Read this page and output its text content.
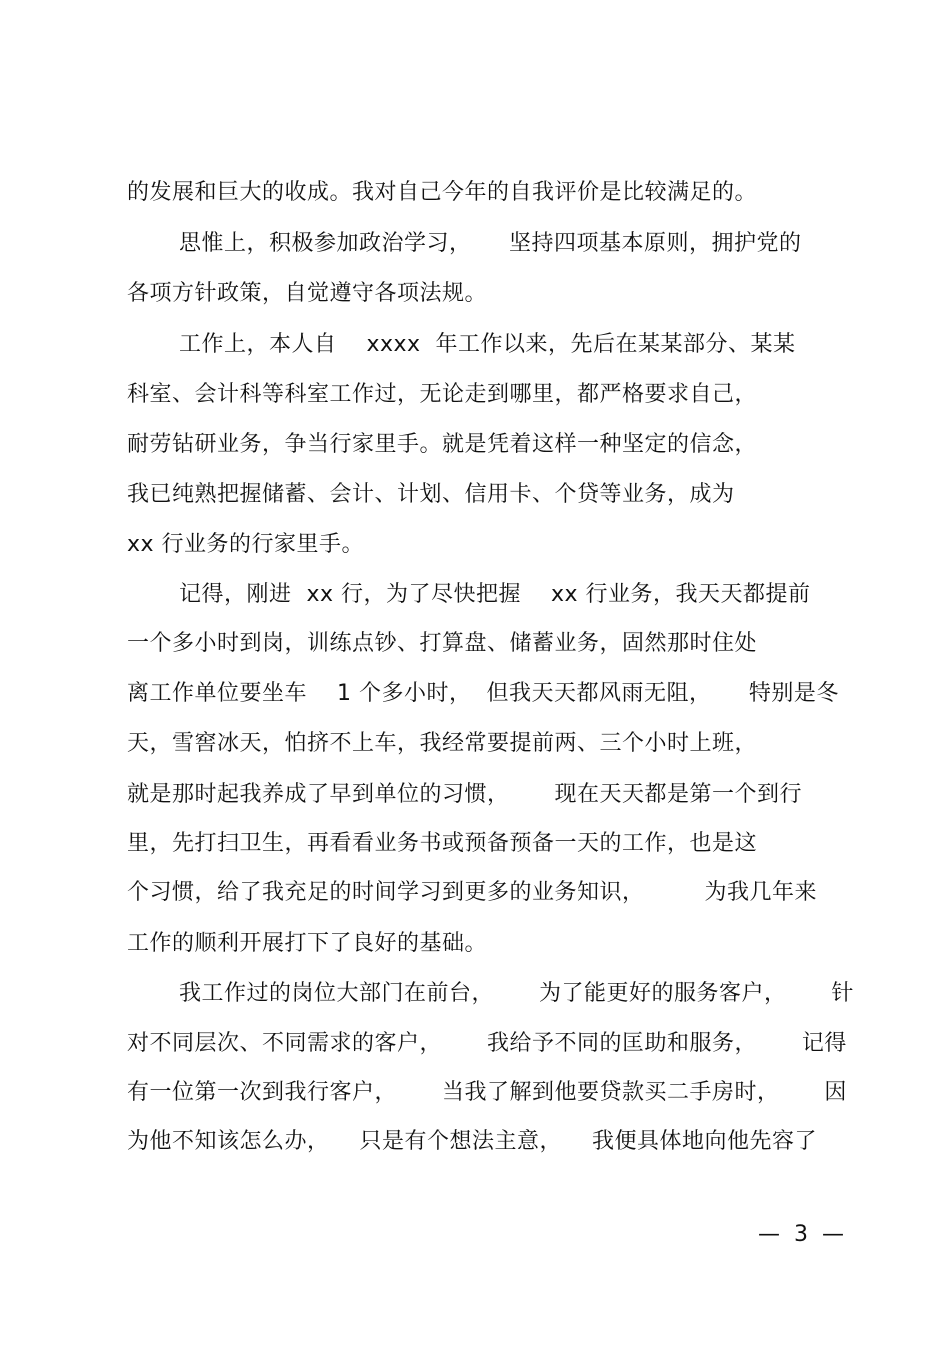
的发展和巨大的收成。我对自己今年的自我评价是比较满足的。
思惟上，积极参加政治学习，     坚持四项基本原则，拥护党的
各项方针政策，自觉遵守各项法规。
工作上，本人自    xxxx  年工作以来，先后在某某部分、某某
科室、会计科等科室工作过，无论走到哪里，都严格要求自己，
耐劳钻研业务，争当行家里手。就是凭着这样一种坚定的信念，
我已纯熟把握储蓄、会计、计划、信用卡、个贷等业务，成为
xx 行业务的行家里手。
记得，刚进  xx 行，为了尽快把握    xx 行业务，我天天都提前
一个多小时到岗，训练点钞、打算盘、储蓄业务，固然那时住处
离工作单位要坐车    1 个多小时，  但我天天都风雨无阻，     特别是冬
天，雪窖冰天，怕挤不上车，我经常要提前两、三个小时上班，
就是那时起我养成了早到单位的习惯，      现在天天都是第一个到行
里，先打扫卫生，再看看业务书或预备预备一天的工作，也是这
个习惯，给了我充足的时间学习到更多的业务知识，        为我几年来
工作的顺利开展打下了良好的基础。
我工作过的岗位大部门在前台，      为了能更好的服务客户，      针
对不同层次、不同需求的客户，      我给予不同的匡助和服务，      记得
有一位第一次到我行客户，      当我了解到他要贷款买二手房时，      因
为他不知该怎么办，    只是有个想法主意，    我便具体地向他先容了
—  3  —
